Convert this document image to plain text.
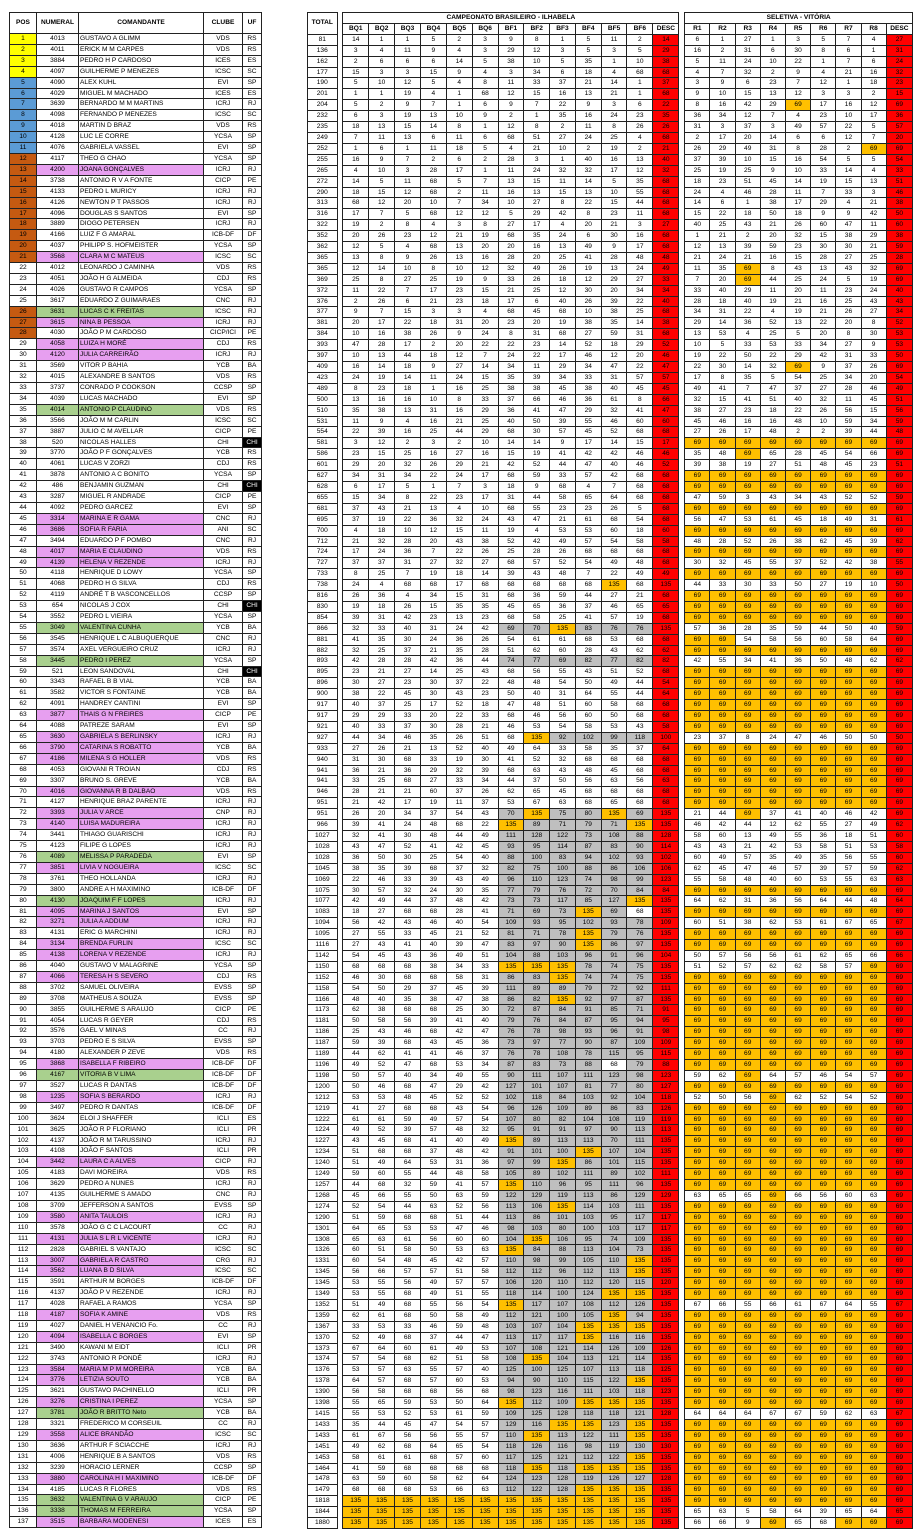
POS	NUMERAL	COMANDANTE	CLUBE	UF
1	4013	GUSTAVO A GLIMM	VDS	RS
2	4011	ERICK M M CARPES	VDS	RS
3	3884	PEDRO H P CARDOSO	ICES	ES
4	4097	GUILHERME P MENEZES	ICSC	SC
5	4090	ALEX KUHL	EVI	SP
6	4029	MIGUEL M MACHADO	ICES	ES
7	3639	BERNARDO M M MARTINS	ICRJ	RJ
8	4098	FERNANDO P MENEZES	ICSC	SC
9	4018	MARTIN D BRAZ	VDS	RS
10	4128	LUC LE CORRE	YCSA	SP
11	4076	GABRIELA VASSEL	EVI	SP
12	4117	THEO G CHAO	YCSA	SP
13	4200	JOANA GONÇALVES	ICRJ	RJ
14	3738	ANTONIO R V A FONTE	CICP	PE
15	4133	PEDRO L MURICY	ICRJ	RJ
16	4126	NEWTON P T PASSOS	ICRJ	RJ
17	4096	DOUGLAS S SANTOS	EVI	SP
18	3889	DIOGO PETERSEN	ICRJ	RJ
19	4166	LUIZ F G AMARAL	ICB-DF	DF
20	4037	PHILIPP S. HOFMEISTER	YCSA	SP
21	3568	CLARA M C MATEUS	ICSC	SC
22	4012	LEONARDO J CAMINHA	VDS	RS
23	4051	JOÃO H G ALMEIDA	CDJ	RS
24	4026	GUSTAVO R CAMPOS	YCSA	SP
25	3617	EDUARDO Z GUIMARAES	CNC	RJ
26	3631	LUCAS C K FREITAS	ICSC	RJ
27	3615	NINA B PESSOA	ICRJ	RJ
28	4030	JOÃO P M CARDOSO	CICP/ICI	PE
29	4058	LUIZA H MORÉ	CDJ	RS
30	4120	JULIA CARREIRÃO	ICRJ	RJ
31	3569	VITOR P BAHIA	YCB	BA
32	4015	ALEXANDRE B SANTOS	VDS	RS
33	3737	CONRADO P COOKSON	CCSP	SP
34	4039	LUCAS MACHADO	EVI	SP
35	4014	ANTONIO P CLAUDINO	VDS	RS
36	3566	JOÃO M M CARLIN	ICSC	SC
37	3887	JULIO C M AVELLAR	CICP	PE
38	520	NICOLAS HALLES	CHI	CHI
39	3770	JOÃO P F GONÇALVES	YCB	RS
40	4061	LUCAS V ZORZI	CDJ	RS
41	3878	ANTONIO A C BONITO	YCSA	SP
42	486	BENJAMIN GUZMAN	CHI	CHI
43	3287	MIGUEL R ANDRADE	CICP	PE
44	4092	PEDRO GARCEZ	EVI	SP
45	3314	MARINA E R GAMA	CNC	RJ
46	3686	SOFIA R FARIA	ANI	SC
47	3494	EDUARDO P F POMBO	CNC	RJ
48	4017	MARIA E CLAUDINO	VDS	RS
49	4139	HELENA V REZENDE	ICRJ	RJ
50	4118	HENRIQUE D LOWY	YCSA	SP
51	4068	PEDRO H G SILVA	CDJ	RS
52	4119	ANDRÉ T B VASCONCELLOS	CCSP	SP
53	654	NICOLAS J COX	CHI	CHI
54	3552	PEDRO L VIEIRA	YCSA	SP
55	3049	VALENTINA CUNHA	YCB	BA
56	3545	HENRIQUE L C ALBUQUERQUE	CNC	RJ
57	3574	AXEL VERGUEIRO CRUZ	ICRJ	RJ
58	3445	PEDRO I PEREZ	YCSA	SP
59	521	LEON SANDOVAL	CHI	CHI
60	3343	RAFAEL B B VIAL	YCB	BA
61	3582	VICTOR S FONTAINE	YCB	BA
62	4091	HANDREY CANTINI	EVI	SP
63	3877	THAIS G N FREIRES	CICP	PE
64	4088	PATREZE SARAM	EVI	SP
65	3630	GABRIELA S BERLINSKY	ICRJ	RJ
66	3790	CATARINA S ROBATTO	YCB	BA
67	4186	MILENA S G HOLLER	VDS	RS
68	4053	GIOVANI R TROIAN	CDJ	RS
69	3307	BRUNO S. GREVE	YCB	BA
70	4016	GIOVANNA R B DALBAO	VDS	RS
71	4127	HENRIQUE BRAZ PARENTE	ICRJ	RJ
72	3393	JULIA V ARCE	CNP	RJ
73	4140	LUISA MADUREIRA	ICRJ	RJ
74	3441	THIAGO GUARISCHI	ICRJ	RJ
75	4123	FILIPE G LOPES	ICRJ	RJ
76	4089	MELISSA P PARADEDA	EVI	SP
77	3851	LIVIA V NOGUEIRA	ICSC	SC
78	3761	THEO HOLLANDA	ICRJ	RJ
79	3800	ANDRE A H MAXIMINO	ICB-DF	DF
80	4130	JOAQUIM F F LOPES	ICRJ	RJ
81	4095	MARINA J SANTOS	EVI	SP
82	3271	JULIA A ADDUM	ICRJ	RJ
83	4131	ERIC G MARCHINI	ICRJ	RJ
84	3134	BRENDA FURLIN	ICSC	SC
85	4138	LORENA V REZENDE	ICRJ	RJ
86	4040	GUSTAVO V MALAGRINE	YCSA	SP
87	4066	TERESA H S SEVERO	CDJ	RS
88	3702	SAMUEL OLIVEIRA	EVSS	SP
89	3708	MATHEUS A SOUZA	EVSS	SP
90	3855	GUILHERME S ARAUJO	CICP	PE
91	4054	LUCAS R GEYER	CDJ	RS
92	3576	GAEL V MINAS	CC	RJ
93	3703	PEDRO E S SILVA	EVSS	SP
94	4180	ALEXANDER P ZEVE	VDS	RS
95	3868	ISABELLA F RIBEIRO	ICB-DF	DF
96	4167	VITORIA B V LIMA	ICB-DF	DF
97	3527	LUCAS R DANTAS	ICB-DF	DF
98	1235	SOFIA S BERARDO	ICRJ	RJ
99	3497	PEDRO R DANTAS	ICB-DF	DF
100	3624	ELOI J SHAFFER	ICLI	ES
101	3625	JOÃO R P FLORIANO	ICLI	PR
102	4137	JOÃO R M TARUSSINO	ICRJ	RJ
103	4108	JOÃO F SANTOS	ICLI	PR
104	3442	LAURA C A ALVES	CICP	RJ
105	4183	DAVI MOREIRA	VDS	RS
106	3629	PEDRO A NUNES	ICRJ	RJ
107	4135	GUILHERME S AMADO	CNC	RJ
108	3709	JEFFERSON A SANTOS	EVSS	SP
109	3580	ANITA TAULOIS	ICRJ	RJ
110	3578	JOÃO G C C LACOURT	CC	RJ
111	4131	JULIA S L R L VICENTE	ICRJ	RJ
112	2828	GABRIEL S VANTAJO	ICSC	SC
113	3007	GABRIELA R CASTRO	CRG	RJ
114	3562	LUANA B D SILVA	ICSC	SC
115	3591	ARTHUR M BORGES	ICB-DF	DF
116	4137	JOÃO P V REZENDE	ICRJ	RJ
117	4028	RAFAEL A RAMOS	YCSA	SP
118	4187	SOFIA K AMINE	VDS	RS
119	4027	DANIEL H VENANCIO Fo.	CC	RJ
120	4094	ISABELLA C BORGES	EVI	SP
121	3490	KAWANI M EIDT	ICLI	PR
122	3743	ANTONIO R PONDÉ	ICRJ	RJ
123	3584	MARIA M P M MOREIRA	YCB	BA
124	3776	LETIZIA SOUTO	YCB	BA
125	3621	GUSTAVO PACHINELLO	ICLI	PR
126	3276	CRISTINA I PEREZ	YCSA	SP
127	3781	JOÃO R BRITTO Neto	YCB	BA
128	3321	FREDERICO M CORSEUIL	CC	RJ
129	3558	ALICE BRANDÃO	ICSC	SC
130	3636	ARTHUR F SCIACCHE	ICRJ	RJ
131	4006	HENRIQUE B A SANTOS	VDS	RS
132	3239	HORACIO LERNER	CCSP	SP
133	3880	CAROLINA H I MAXIMINO	ICB-DF	DF
134	4185	LUCAS R FLORES	VDS	RS
135	3632	VALENTINA G V ARAUJO	CICP	PE
136	3338	THOMAS M FERREIRA	YCSA	SP
137	3515	BARBARA MODENESI	ICES	ES
TOTAL		CAMPEONATO BRASILEIRO - ILHABELA														SELETIVA - VITÓRIA								
		BQ1	BQ2	BQ3	BQ4	BQ5	BQ6	BF1	BF2	BF3	BF4	BF5	BF6	DESC		R1	R2	R3	R4	R5	R6	R7	R8	DESC
81		14	1	1	5	2	3	9	8	1	5	11	2	14		6	1	27	1	3	5	7	4	27
136		3	4	11	9	4	3	29	12	3	5	3	5	29		16	2	31	6	30	8	6	1	31
162		2	6	6	6	14	5	38	10	5	35	1	10	38		5	11	24	10	22	1	7	6	24
177		15	3	3	15	9	4	3	34	6	18	4	68	68		4	7	32	2	9	4	21	16	32
190		5	10	12	5	4	8	11	33	37	21	14	1	37		3	9	6	23	7	12	1	18	23
201		1	1	19	4	1	68	12	15	16	13	21	1	68		9	10	15	13	12	3	3	2	15
204		5	2	9	7	1	6	9	7	22	9	3	6	22		8	16	42	29	69	17	16	12	69
232		6	3	19	13	10	9	2	1	35	16	24	23	35		36	34	12	7	4	23	10	17	36
235		18	13	15	14	8	1	12	8	2	11	8	26	26		31	3	37	3	49	57	22	5	57
249		7	11	13	6	11	6	68	51	27	24	25	4	68		2	17	20	14	6	6	12	7	20
252		1	6	1	11	18	5	4	21	10	2	19	2	21		26	29	49	31	8	28	2	69	69
255		16	9	7	2	6	2	28	3	1	40	16	13	40		37	39	10	15	16	54	5	5	54
265		4	10	3	28	17	1	11	24	32	32	17	12	32		25	19	25	9	10	33	14	4	33
272		14	5	11	68	5	7	13	15	11	14	5	35	68		18	23	51	45	14	19	15	13	51
290		18	15	12	68	2	11	16	13	15	13	10	55	68		24	4	46	28	11	7	33	3	46
313		68	12	20	10	7	34	10	27	8	22	15	44	68		14	6	1	38	17	29	4	21	38
316		17	7	5	68	12	12	5	29	42	8	23	11	68		15	22	18	50	18	9	9	42	50
322		19	2	8	4	3	8	27	17	4	20	21	3	27		40	25	43	21	26	60	47	11	60
352		20	26	23	12	21	19	68	35	24	6	30	16	68		1	21	2	20	32	15	38	29	38
362		12	5	4	68	13	20	20	16	13	49	9	17	68		12	13	39	59	23	30	30	21	59
365		13	8	9	26	13	16	28	20	25	41	28	48	48		21	24	21	16	15	28	27	25	28
365		12	14	10	8	10	12	32	49	26	19	13	24	49		11	35	69	8	43	13	43	32	69
369		25	8	27	25	19	9	33	26	18	12	29	27	33		7	20	69	44	25	24	5	19	69
372		11	22	7	17	23	15	21	25	12	30	20	34	34		33	40	29	11	20	11	23	24	40
376		2	26	6	21	23	18	17	6	40	26	39	22	40		28	18	40	19	21	16	25	43	43
377		9	7	15	3	3	4	68	45	68	10	38	25	68		34	31	22	4	19	21	26	27	34
381		20	17	22	18	31	20	23	20	19	38	35	14	38		29	14	36	52	13	22	20	8	52
384		10	16	38	26	9	24	8	31	68	27	59	31	68		13	53	4	25	5	20	8	30	53
393		47	28	17	2	20	22	22	23	14	52	18	29	52		10	5	33	53	33	34	27	9	53
397		10	13	44	18	12	7	24	22	17	46	12	20	46		19	22	50	22	29	42	31	33	50
409		16	14	18	9	27	14	34	11	29	34	47	22	47		22	30	14	32	69	9	37	26	69
423		24	19	14	11	24	15	35	39	34	33	31	57	57		17	8	35	5	54	25	34	20	54
489		8	23	18	1	16	25	38	38	45	38	40	45	45		49	41	7	47	37	27	28	46	49
500		13	16	16	10	8	33	37	66	46	36	61	8	66		32	15	41	51	40	32	11	45	51
510		35	38	13	31	16	29	36	41	47	29	32	41	47		38	27	23	18	22	26	56	15	56
531		11	9	4	16	21	25	40	50	39	55	46	60	60		45	46	16	16	48	10	59	34	59
554		22	39	16	25	44	29	68	30	57	45	52	68	68		27	26	17	48	2	2	39	44	48
581		3	12	2	3	2	10	14	14	9	17	14	15	17		69	69	69	69	69	69	69	69	69
586		23	15	25	16	27	16	15	19	41	42	42	46	46		35	48	69	65	28	45	54	66	69
601		29	20	32	26	29	21	42	52	44	47	40	46	52		39	38	19	27	51	48	45	23	51
627		34	31	34	22	24	17	68	59	33	57	42	68	68		69	69	69	69	69	69	69	69	69
628		6	17	5	1	7	3	18	9	68	4	7	68	68		69	69	69	69	69	69	69	69	69
655		15	34	8	22	23	17	31	44	58	65	64	68	68		47	59	3	43	34	43	52	52	59
681		37	43	21	13	4	10	68	55	23	23	26	5	68		69	69	69	69	69	69	69	69	69
695		37	19	22	36	32	24	43	47	21	61	68	54	68		56	47	53	61	45	18	49	31	61
700		4	18	10	12	15	11	19	4	53	53	60	18	60		69	69	69	69	69	69	69	69	69
712		21	32	28	20	43	38	52	42	49	57	54	58	58		48	28	52	26	38	62	45	39	62
724		17	24	36	7	22	26	25	28	26	68	68	68	68		69	69	69	69	69	69	69	69	69
727		37	37	31	27	32	27	68	57	52	54	49	48	68		30	32	45	55	37	52	42	38	55
733		8	25	7	19	18	14	39	43	48	7	22	49	49		69	69	69	69	69	69	69	69	69
738		24	4	68	68	17	68	68	68	68	68	135	68	135		44	33	30	33	50	27	19	10	50
816		26	36	4	34	15	31	68	36	59	44	27	21	68		69	69	69	69	69	69	69	69	69
830		19	18	26	15	35	35	45	65	36	37	46	65	65		69	69	69	69	69	69	69	69	69
854		39	31	42	23	13	23	68	58	25	41	57	19	68		69	69	69	69	69	69	69	69	69
866		32	33	40	31	24	42	69	70	135	83	76	76	135		57	36	28	35	59	44	50	40	59
881		41	35	30	24	36	26	54	61	61	68	53	68	68		69	69	54	58	56	60	58	64	69
882		32	25	37	21	35	28	51	62	60	28	43	62	62		69	69	69	69	69	69	69	69	69
893		42	28	28	42	36	44	74	77	69	82	77	82	82		42	55	34	41	36	50	48	62	62
895		23	21	27	14	25	43	68	56	55	43	51	52	68		69	69	69	69	69	69	69	69	69
896		30	27	23	30	37	22	48	48	54	50	49	44	54		69	69	69	69	69	69	69	69	69
900		38	22	45	30	43	23	50	40	31	64	55	44	64		69	69	69	69	69	69	69	69	69
917		40	37	25	17	52	18	47	48	51	60	58	68	68		69	69	69	69	69	69	69	69	69
917		29	29	33	20	22	33	68	46	56	60	50	68	68		69	69	69	69	69	69	69	69	69
921		40	33	37	30	28	21	46	53	54	58	53	43	58		69	69	69	69	69	69	69	69	69
927		44	34	46	35	26	51	68	135	92	102	99	118	100		23	37	8	24	47	46	50	50	50
933		27	26	21	13	52	40	49	64	33	58	35	37	64		69	69	69	69	69	69	69	69	69
940		31	30	68	33	19	30	41	52	32	68	68	68	68		69	69	69	69	69	69	69	69	69
941		36	21	36	29	32	39	68	63	43	48	45	68	68		69	69	69	69	69	69	69	69	69
941		33	25	68	27	33	34	44	37	50	56	63	56	63		69	69	69	69	69	69	69	69	69
946		28	21	21	60	37	26	62	65	45	68	68	68	68		69	69	69	69	69	69	69	69	69
951		21	42	17	19	11	37	53	67	63	68	65	68	68		69	69	69	69	69	69	69	69	69
951		26	20	34	37	54	43	70	135	75	80	135	69	135		21	44	69	37	41	40	46	42	69
966		39	41	24	48	68	22	135	89	71	79	71	135	135		46	42	44	12	62	55	27	49	62
1027		32	41	30	48	44	49	111	128	122	73	108	88	128		58	60	13	49	55	36	18	51	60
1028		43	47	52	41	42	45	93	95	114	87	83	90	114		43	43	21	42	53	58	51	53	58
1028		36	50	30	25	54	40	88	100	83	94	102	93	102		60	49	57	35	49	35	56	55	60
1045		38	35	39	68	37	32	82	75	100	88	86	106	106		62	45	47	46	57	39	57	59	62
1069		22	46	33	39	43	49	96	110	123	74	98	99	123		55	58	48	40	60	53	55	63	63
1075		30	57	32	24	30	35	77	79	76	72	70	84	84		69	69	69	69	69	69	69	69	69
1077		42	49	44	37	48	42	73	73	117	85	127	135	135		64	62	31	36	56	64	44	48	64
1083		18	27	68	68	28	41	71	69	73	135	69	68	135		69	69	69	69	69	69	69	69	69
1094		56	42	43	46	40	54	109	93	95	102	93	78	109		60	51	38	62	53	61	67	65	67
1095		27	55	33	45	21	52	81	71	78	135	79	76	135		69	69	69	69	69	69	69	69	69
1116		27	43	41	40	39	47	83	97	90	135	86	97	135		69	69	69	69	69	69	69	69	69
1142		54	45	43	36	49	51	104	88	103	96	91	96	104		50	57	56	56	61	62	65	66	66
1150		68	68	68	38	34	33	135	135	135	78	74	75	135		51	52	57	62	62	58	57	69	69
1152		46	30	68	68	58	31	86	83	135	74	74	75	135		69	69	69	69	69	69	69	69	69
1158		54	50	29	37	45	39	111	89	89	79	72	92	111		69	69	69	69	69	69	69	69	69
1166		48	40	35	38	47	38	86	82	135	92	97	87	135		69	69	69	69	69	69	69	69	69
1173		62	38	68	68	25	30	72	87	84	91	85	71	91		69	69	69	69	69	69	69	69	69
1181		50	58	56	39	41	40	79	76	84	87	95	94	95		69	69	69	69	69	69	69	69	69
1186		25	43	46	68	42	47	76	78	98	93	96	91	98		69	69	69	69	69	69	69	69	69
1187		59	39	68	43	45	36	73	97	77	90	87	109	109		69	69	69	69	69	69	69	69	69
1189		44	62	41	41	46	37	76	78	108	78	115	95	115		69	69	69	69	69	69	69	69	69
1196		49	52	47	68	53	34	87	83	73	88	68	79	88		69	69	69	69	69	69	69	69	69
1198		50	57	40	34	49	55	90	111	107	111	123	98	123		59	62	69	64	57	46	54	57	69
1200		50	46	68	47	29	42	127	101	107	81	77	80	127		69	69	69	69	69	69	69	69	69
1212		53	53	48	45	52	52	102	118	84	103	92	104	118		52	50	56	69	62	52	54	52	69
1219		41	27	68	68	43	54	96	126	109	89	86	83	126		69	69	69	69	69	69	69	69	69
1222		61	61	59	49	57	54	107	80	82	104	108	119	119		69	69	69	69	69	69	69	69	69
1224		49	52	39	57	48	32	95	91	91	97	90	113	113		69	69	69	69	69	69	69	69	69
1227		43	45	68	41	40	49	135	89	113	113	70	111	135		69	69	69	69	69	69	69	69	69
1234		51	68	68	37	48	42	91	101	100	135	107	104	135		69	69	69	69	69	69	69	69	69
1240		51	49	64	53	31	36	97	99	135	86	101	115	135		69	69	69	69	69	69	69	69	69
1249		59	60	55	44	48	58	105	89	102	111	89	102	111		69	69	69	69	69	69	69	69	69
1257		44	68	32	59	41	57	135	110	96	95	111	96	135		69	69	69	69	69	69	69	69	69
1268		45	66	55	50	63	59	122	129	119	113	86	129	129		63	65	65	69	66	56	60	63	69
1274		52	54	44	63	52	56	113	106	135	114	103	111	135		69	69	69	69	69	69	69	69	69
1290		51	59	68	68	51	44	113	86	101	103	95	117	117		69	69	69	69	69	69	69	69	69
1301		64	65	53	53	47	46	98	103	80	100	103	117	117		69	69	69	69	69	69	69	69	69
1308		65	63	61	56	60	60	104	135	106	95	74	109	135		69	69	69	69	69	69	69	69	69
1326		60	51	58	50	53	63	135	84	88	113	104	73	135		69	69	69	69	69	69	69	69	69
1331		60	54	48	45	42	57	110	98	99	105	110	135	135		69	69	69	69	69	69	69	69	69
1345		56	66	57	57	51	58	112	112	96	112	113	135	135		69	69	69	69	69	69	69	69	69
1345		53	55	56	49	57	57	106	120	110	112	120	115	120		69	69	69	69	69	69	69	69	69
1349		53	55	68	49	51	55	118	114	100	124	135	135	135		69	69	69	69	69	69	69	69	69
1352		51	49	68	55	56	54	135	117	107	108	112	126	135		67	66	55	66	61	67	64	55	67
1359		62	61	68	50	58	49	112	121	100	105	135	94	135		69	69	69	69	69	69	69	69	69
1367		33	53	33	46	59	48	103	107	104	135	135	135	135		69	69	69	69	69	69	69	69	69
1370		52	49	68	37	44	47	113	117	117	135	116	116	135		69	69	69	69	69	69	69	69	69
1373		67	64	60	61	49	53	107	108	121	114	126	109	126		69	69	69	69	69	69	69	69	69
1374		57	54	68	62	51	58	108	135	104	113	121	114	135		69	69	69	69	69	69	69	69	69
1376		53	57	63	55	57	40	125	100	125	107	113	118	125		69	69	69	69	69	69	69	69	69
1378		64	57	68	57	60	53	94	90	110	115	122	135	135		69	69	69	69	69	69	69	69	69
1390		56	58	68	68	56	68	98	123	116	111	103	118	123		69	69	69	69	69	69	69	69	69
1398		55	65	59	53	50	64	135	112	109	135	135	135	135		69	69	69	69	69	69	69	69	69
1415		55	53	52	53	61	59	109	125	128	118	118	121	128		64	64	64	67	67	59	62	63	67
1433		35	44	45	47	54	57	129	116	135	135	123	135	135		69	69	69	69	69	69	69	69	69
1433		61	67	56	56	55	57	110	135	113	122	111	135	135		69	69	69	69	69	69	69	69	69
1451		49	62	68	64	65	54	118	126	116	98	119	130	130		69	69	69	69	69	69	69	69	69
1453		58	61	61	68	57	60	117	125	121	112	122	135	135		69	69	69	69	69	69	69	69	69
1464		41	59	68	68	68	68	118	135	118	135	135	135	135		69	69	69	69	69	69	69	69	69
1478		63	59	60	58	62	64	124	123	128	119	126	127	128		69	69	69	69	69	69	69	69	69
1479		68	68	68	53	66	63	112	122	128	135	135	135	135		69	69	69	69	69	69	69	69	69
1818		135	135	135	135	135	135	135	135	135	135	135	135	135		69	69	69	69	69	69	69	69	69
1844		135	135	135	135	135	135	135	135	135	135	135	135	135		65	63	5	58	64	39	65	64	65
1880		135	135	135	135	135	135	135	135	135	135	135	135	135		66	66	9	69	65	68	69	69	69
